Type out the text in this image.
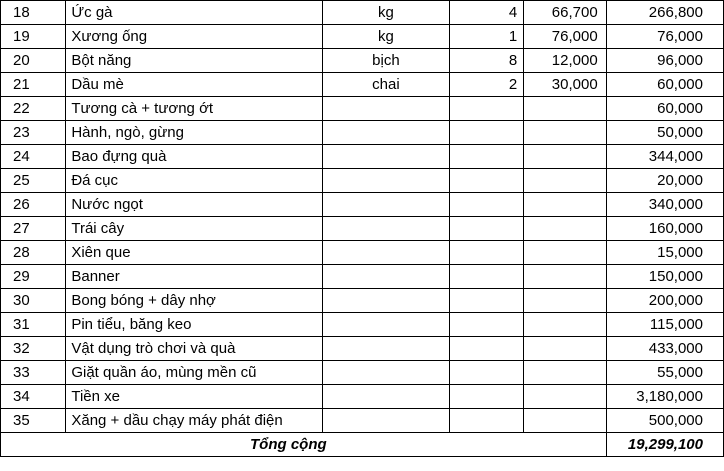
18	Ức gà	kg	4	66,700	266,800
19	Xương ống	kg	1	76,000	76,000
20	Bột năng	bịch	8	12,000	96,000
21	Dầu mè	chai	2	30,000	60,000
22	Tương cà + tương ớt				60,000
23	Hành, ngò, gừng				50,000
24	Bao đựng quà				344,000
25	Đá cục				20,000
26	Nước ngọt				340,000
27	Trái cây				160,000
28	Xiên que				15,000
29	Banner				150,000
30	Bong bóng + dây nhợ				200,000
31	Pin tiểu, băng keo				115,000
32	Vật dụng trò chơi và quà				433,000
33	Giặt quần áo, mùng mền cũ				55,000
34	Tiền xe				3,180,000
35	Xăng + dầu chạy máy phát điện				500,000
Tổng cộng					19,299,100
